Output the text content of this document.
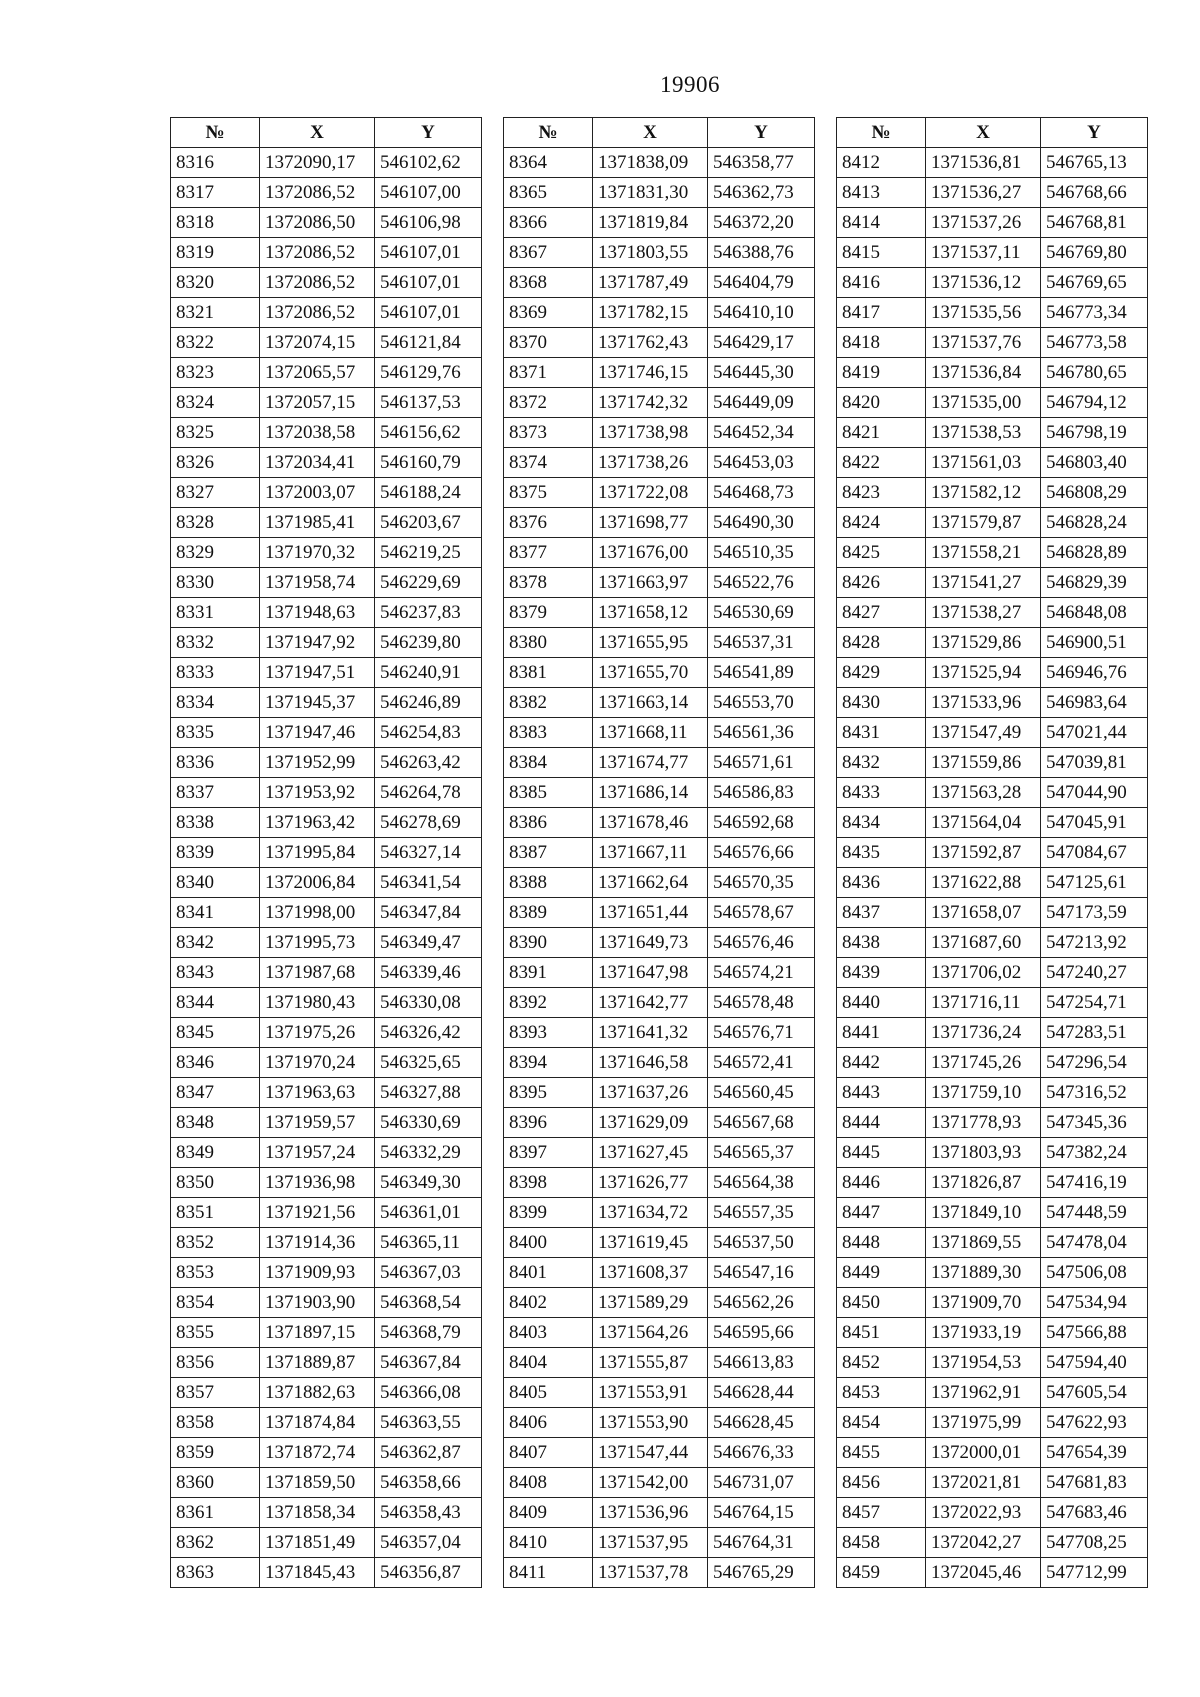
19906
№	X	Y
8316	1372090,17	546102,62
8317	1372086,52	546107,00
8318	1372086,50	546106,98
8319	1372086,52	546107,01
8320	1372086,52	546107,01
8321	1372086,52	546107,01
8322	1372074,15	546121,84
8323	1372065,57	546129,76
8324	1372057,15	546137,53
8325	1372038,58	546156,62
8326	1372034,41	546160,79
8327	1372003,07	546188,24
8328	1371985,41	546203,67
8329	1371970,32	546219,25
8330	1371958,74	546229,69
8331	1371948,63	546237,83
8332	1371947,92	546239,80
8333	1371947,51	546240,91
8334	1371945,37	546246,89
8335	1371947,46	546254,83
8336	1371952,99	546263,42
8337	1371953,92	546264,78
8338	1371963,42	546278,69
8339	1371995,84	546327,14
8340	1372006,84	546341,54
8341	1371998,00	546347,84
8342	1371995,73	546349,47
8343	1371987,68	546339,46
8344	1371980,43	546330,08
8345	1371975,26	546326,42
8346	1371970,24	546325,65
8347	1371963,63	546327,88
8348	1371959,57	546330,69
8349	1371957,24	546332,29
8350	1371936,98	546349,30
8351	1371921,56	546361,01
8352	1371914,36	546365,11
8353	1371909,93	546367,03
8354	1371903,90	546368,54
8355	1371897,15	546368,79
8356	1371889,87	546367,84
8357	1371882,63	546366,08
8358	1371874,84	546363,55
8359	1371872,74	546362,87
8360	1371859,50	546358,66
8361	1371858,34	546358,43
8362	1371851,49	546357,04
8363	1371845,43	546356,87
№	X	Y
8364	1371838,09	546358,77
8365	1371831,30	546362,73
8366	1371819,84	546372,20
8367	1371803,55	546388,76
8368	1371787,49	546404,79
8369	1371782,15	546410,10
8370	1371762,43	546429,17
8371	1371746,15	546445,30
8372	1371742,32	546449,09
8373	1371738,98	546452,34
8374	1371738,26	546453,03
8375	1371722,08	546468,73
8376	1371698,77	546490,30
8377	1371676,00	546510,35
8378	1371663,97	546522,76
8379	1371658,12	546530,69
8380	1371655,95	546537,31
8381	1371655,70	546541,89
8382	1371663,14	546553,70
8383	1371668,11	546561,36
8384	1371674,77	546571,61
8385	1371686,14	546586,83
8386	1371678,46	546592,68
8387	1371667,11	546576,66
8388	1371662,64	546570,35
8389	1371651,44	546578,67
8390	1371649,73	546576,46
8391	1371647,98	546574,21
8392	1371642,77	546578,48
8393	1371641,32	546576,71
8394	1371646,58	546572,41
8395	1371637,26	546560,45
8396	1371629,09	546567,68
8397	1371627,45	546565,37
8398	1371626,77	546564,38
8399	1371634,72	546557,35
8400	1371619,45	546537,50
8401	1371608,37	546547,16
8402	1371589,29	546562,26
8403	1371564,26	546595,66
8404	1371555,87	546613,83
8405	1371553,91	546628,44
8406	1371553,90	546628,45
8407	1371547,44	546676,33
8408	1371542,00	546731,07
8409	1371536,96	546764,15
8410	1371537,95	546764,31
8411	1371537,78	546765,29
№	X	Y
8412	1371536,81	546765,13
8413	1371536,27	546768,66
8414	1371537,26	546768,81
8415	1371537,11	546769,80
8416	1371536,12	546769,65
8417	1371535,56	546773,34
8418	1371537,76	546773,58
8419	1371536,84	546780,65
8420	1371535,00	546794,12
8421	1371538,53	546798,19
8422	1371561,03	546803,40
8423	1371582,12	546808,29
8424	1371579,87	546828,24
8425	1371558,21	546828,89
8426	1371541,27	546829,39
8427	1371538,27	546848,08
8428	1371529,86	546900,51
8429	1371525,94	546946,76
8430	1371533,96	546983,64
8431	1371547,49	547021,44
8432	1371559,86	547039,81
8433	1371563,28	547044,90
8434	1371564,04	547045,91
8435	1371592,87	547084,67
8436	1371622,88	547125,61
8437	1371658,07	547173,59
8438	1371687,60	547213,92
8439	1371706,02	547240,27
8440	1371716,11	547254,71
8441	1371736,24	547283,51
8442	1371745,26	547296,54
8443	1371759,10	547316,52
8444	1371778,93	547345,36
8445	1371803,93	547382,24
8446	1371826,87	547416,19
8447	1371849,10	547448,59
8448	1371869,55	547478,04
8449	1371889,30	547506,08
8450	1371909,70	547534,94
8451	1371933,19	547566,88
8452	1371954,53	547594,40
8453	1371962,91	547605,54
8454	1371975,99	547622,93
8455	1372000,01	547654,39
8456	1372021,81	547681,83
8457	1372022,93	547683,46
8458	1372042,27	547708,25
8459	1372045,46	547712,99
